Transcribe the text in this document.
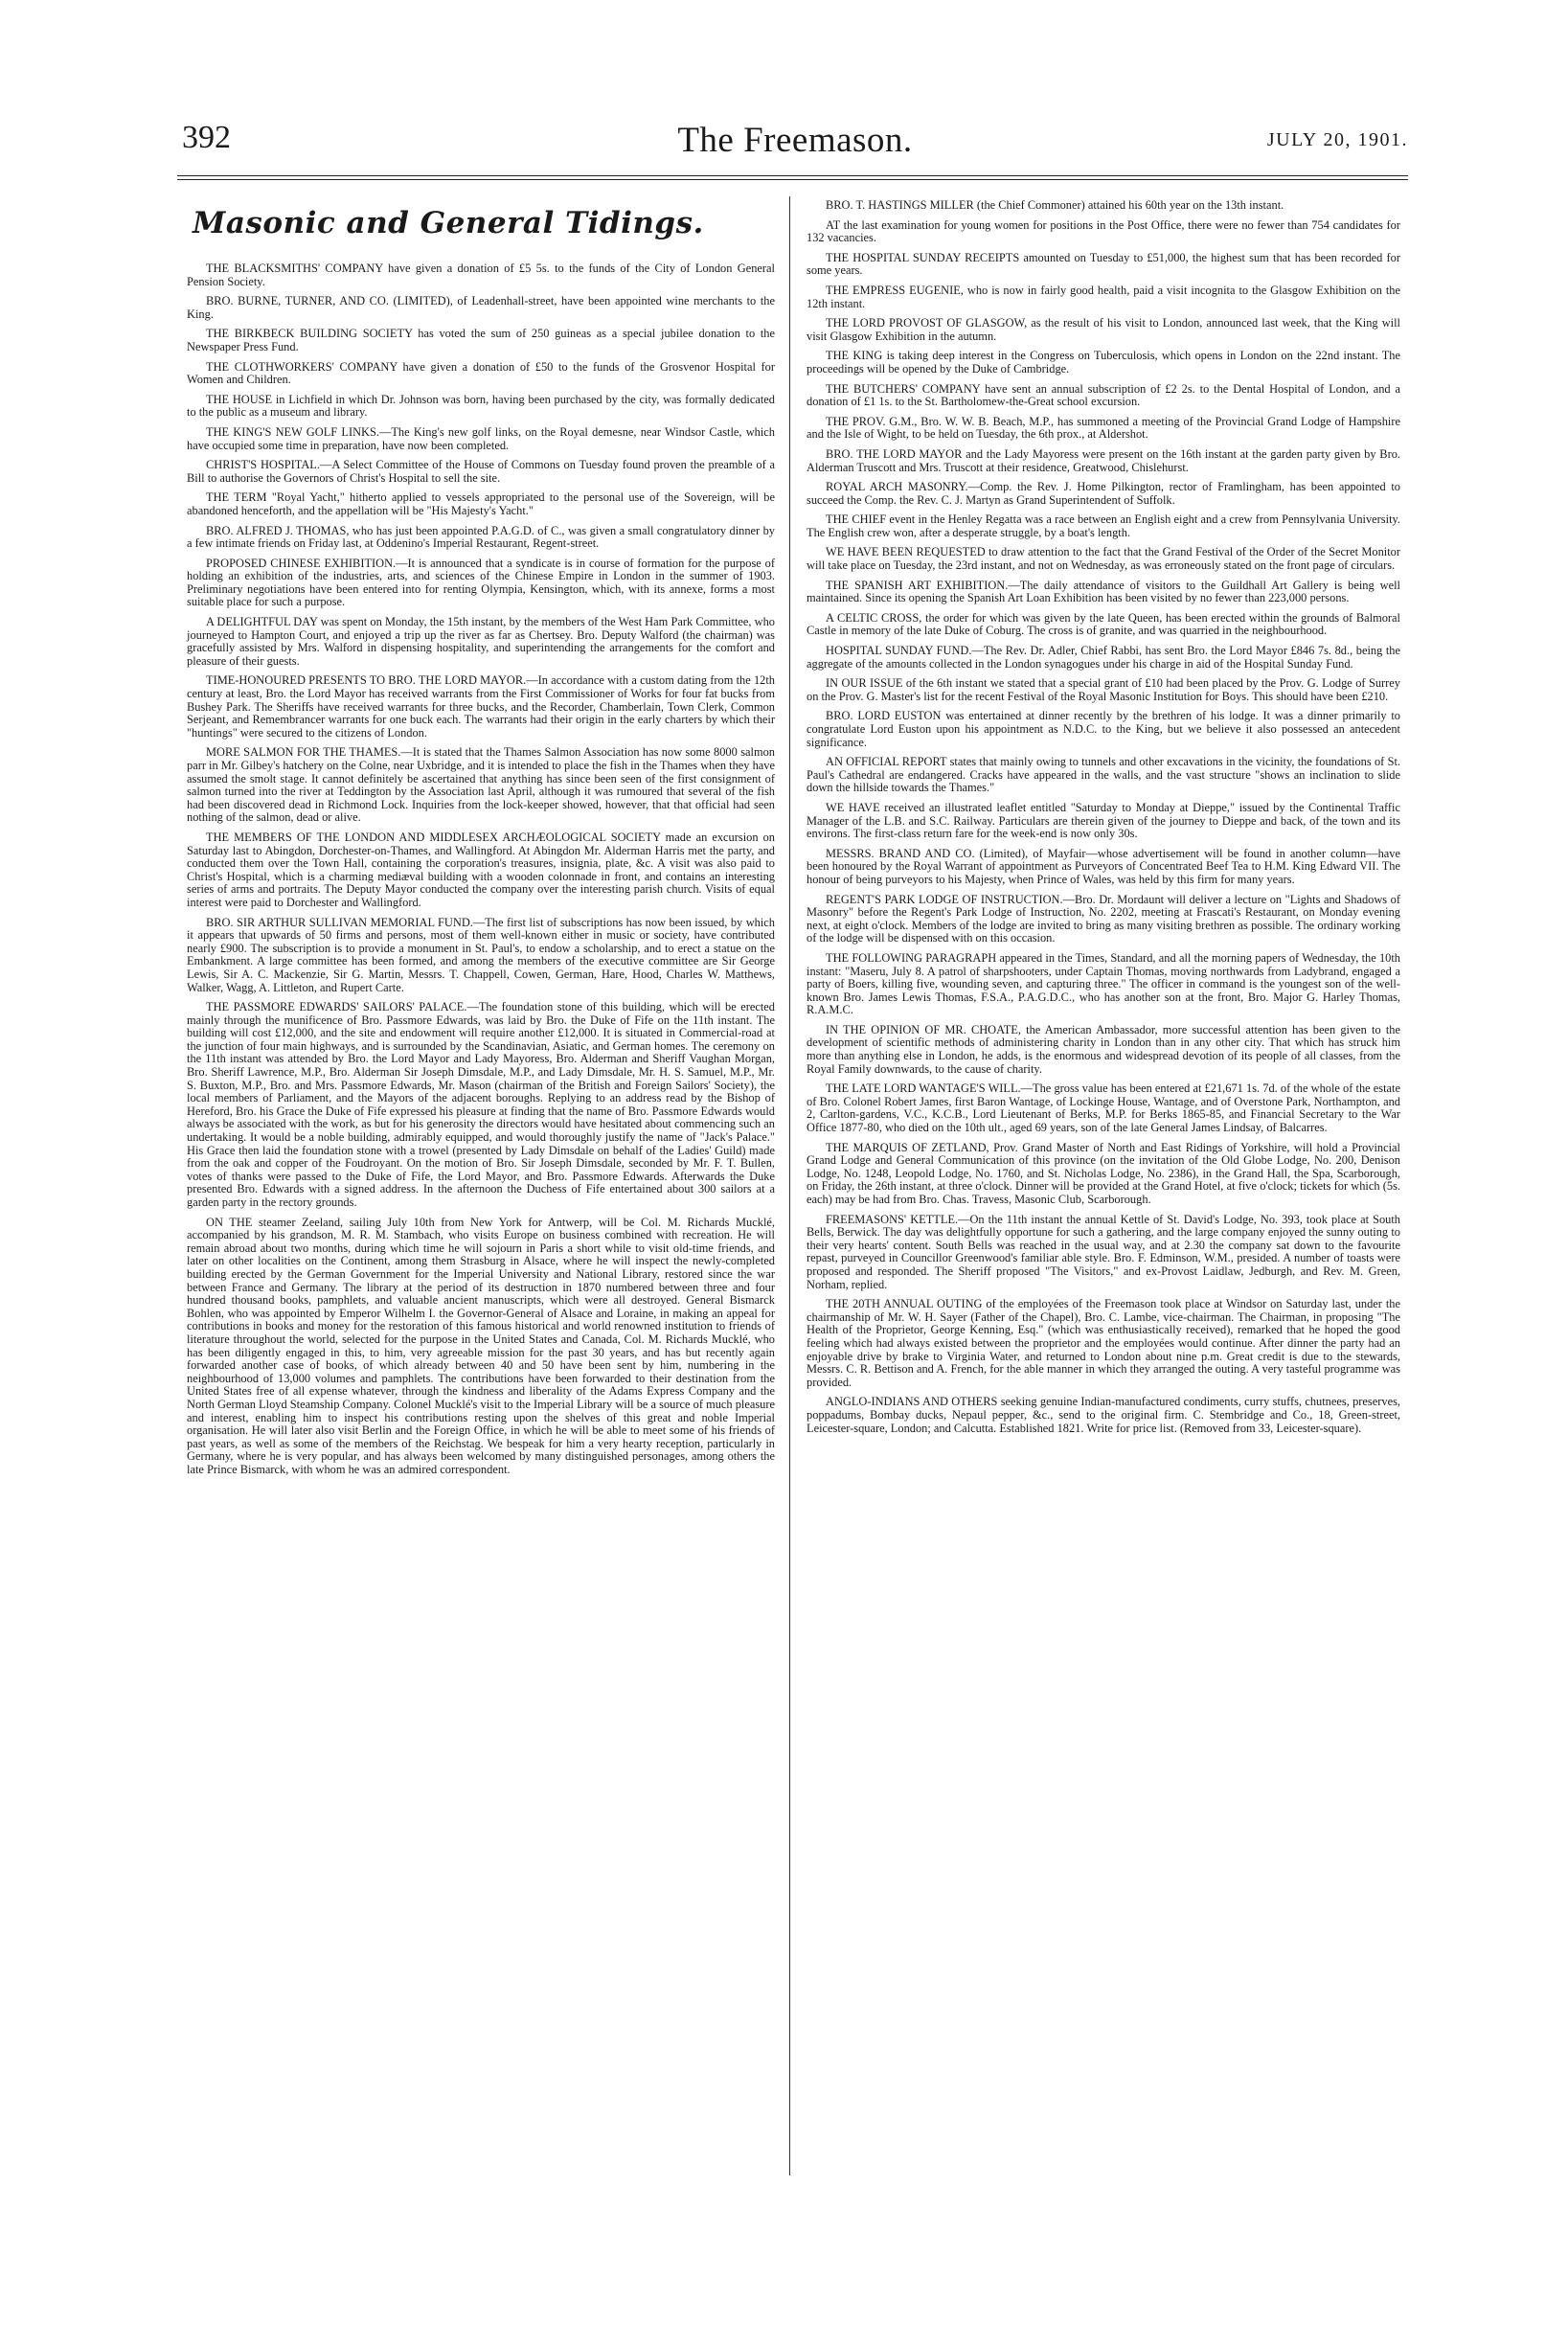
392	The Freemason.	JULY 20, 1901.
Masonic and General Tidings.

THE BLACKSMITHS' COMPANY have given a donation of £5 5s. to the funds of the City of London General Pension Society.

BRO. BURNE, TURNER, AND CO. (LIMITED), of Leadenhall-street, have been appointed wine merchants to the King.

THE BIRKBECK BUILDING SOCIETY has voted the sum of 250 guineas as a special jubilee donation to the Newspaper Press Fund.

THE CLOTHWORKERS' COMPANY have given a donation of £50 to the funds of the Grosvenor Hospital for Women and Children.

THE HOUSE in Lichfield in which Dr. Johnson was born, having been purchased by the city, was formally dedicated to the public as a museum and library.

THE KING'S NEW GOLF LINKS.—The King's new golf links, on the Royal demesne, near Windsor Castle, which have occupied some time in preparation, have now been completed.

CHRIST'S HOSPITAL.—A Select Committee of the House of Commons on Tuesday found proven the preamble of a Bill to authorise the Governors of Christ's Hospital to sell the site.

THE TERM "Royal Yacht," hitherto applied to vessels appropriated to the personal use of the Sovereign, will be abandoned henceforth, and the appellation will be "His Majesty's Yacht."

BRO. ALFRED J. THOMAS, who has just been appointed P.A.G.D. of C., was given a small congratulatory dinner by a few intimate friends on Friday last, at Oddenino's Imperial Restaurant, Regent-street.

PROPOSED CHINESE EXHIBITION.—It is announced that a syndicate is in course of formation for the purpose of holding an exhibition of the industries, arts, and sciences of the Chinese Empire in London in the summer of 1903. Preliminary negotiations have been entered into for renting Olympia, Kensington, which, with its annexe, forms a most suitable place for such a purpose.

A DELIGHTFUL DAY was spent on Monday, the 15th instant, by the members of the West Ham Park Committee, who journeyed to Hampton Court, and enjoyed a trip up the river as far as Chertsey. Bro. Deputy Walford (the chairman) was gracefully assisted by Mrs. Walford in dispensing hospitality, and superintending the arrangements for the comfort and pleasure of their guests.

TIME-HONOURED PRESENTS TO BRO. THE LORD MAYOR.—In accordance with a custom dating from the 12th century at least, Bro. the Lord Mayor has received warrants from the First Commissioner of Works for four fat bucks from Bushey Park. The Sheriffs have received warrants for three bucks, and the Recorder, Chamberlain, Town Clerk, Common Serjeant, and Remembrancer warrants for one buck each. The warrants had their origin in the early charters by which their "huntings" were secured to the citizens of London.

MORE SALMON FOR THE THAMES.—It is stated that the Thames Salmon Association has now some 8000 salmon parr in Mr. Gilbey's hatchery on the Colne, near Uxbridge, and it is intended to place the fish in the Thames when they have assumed the smolt stage. It cannot definitely be ascertained that anything has since been seen of the first consignment of salmon turned into the river at Teddington by the Association last April, although it was rumoured that several of the fish had been discovered dead in Richmond Lock. Inquiries from the lock-keeper showed, however, that that official had seen nothing of the salmon, dead or alive.

THE MEMBERS OF THE LONDON AND MIDDLESEX ARCHÆOLOGICAL SOCIETY made an excursion on Saturday last to Abingdon, Dorchester-on-Thames, and Wallingford. At Abingdon Mr. Alderman Harris met the party, and conducted them over the Town Hall, containing the corporation's treasures, insignia, plate, &c. A visit was also paid to Christ's Hospital, which is a charming mediæval building with a wooden colonnade in front, and contains an interesting series of arms and portraits. The Deputy Mayor conducted the company over the interesting parish church. Visits of equal interest were paid to Dorchester and Wallingford.

BRO. SIR ARTHUR SULLIVAN MEMORIAL FUND.—The first list of subscriptions has now been issued, by which it appears that upwards of 50 firms and persons, most of them well-known either in music or society, have contributed nearly £900. The subscription is to provide a monument in St. Paul's, to endow a scholarship, and to erect a statue on the Embankment. A large committee has been formed, and among the members of the executive committee are Sir George Lewis, Sir A. C. Mackenzie, Sir G. Martin, Messrs. T. Chappell, Cowen, German, Hare, Hood, Charles W. Matthews, Walker, Wagg, A. Littleton, and Rupert Carte.

THE PASSMORE EDWARDS' SAILORS' PALACE.—The foundation stone of this building, which will be erected mainly through the munificence of Bro. Passmore Edwards, was laid by Bro. the Duke of Fife on the 11th instant. The building will cost £12,000, and the site and endowment will require another £12,000. It is situated in Commercial-road at the junction of four main highways, and is surrounded by the Scandinavian, Asiatic, and German homes. The ceremony on the 11th instant was attended by Bro. the Lord Mayor and Lady Mayoress, Bro. Alderman and Sheriff Vaughan Morgan, Bro. Sheriff Lawrence, M.P., Bro. Alderman Sir Joseph Dimsdale, M.P., and Lady Dimsdale, Mr. H. S. Samuel, M.P., Mr. S. Buxton, M.P., Bro. and Mrs. Passmore Edwards, Mr. Mason (chairman of the British and Foreign Sailors' Society), the local members of Parliament, and the Mayors of the adjacent boroughs. Replying to an address read by the Bishop of Hereford, Bro. his Grace the Duke of Fife expressed his pleasure at finding that the name of Bro. Passmore Edwards would always be associated with the work, as but for his generosity the directors would have hesitated about commencing such an undertaking. It would be a noble building, admirably equipped, and would thoroughly justify the name of "Jack's Palace." His Grace then laid the foundation stone with a trowel (presented by Lady Dimsdale on behalf of the Ladies' Guild) made from the oak and copper of the Foudroyant. On the motion of Bro. Sir Joseph Dimsdale, seconded by Mr. F. T. Bullen, votes of thanks were passed to the Duke of Fife, the Lord Mayor, and Bro. Passmore Edwards. Afterwards the Duke presented Bro. Edwards with a signed address. In the afternoon the Duchess of Fife entertained about 300 sailors at a garden party in the rectory grounds.

ON THE steamer Zeeland, sailing July 10th from New York for Antwerp, will be Col. M. Richards Mucklé, accompanied by his grandson, M. R. M. Stambach, who visits Europe on business combined with recreation. He will remain abroad about two months, during which time he will sojourn in Paris a short while to visit old-time friends, and later on other localities on the Continent, among them Strasburg in Alsace, where he will inspect the newly-completed building erected by the German Government for the Imperial University and National Library, restored since the war between France and Germany. The library at the period of its destruction in 1870 numbered between three and four hundred thousand books, pamphlets, and valuable ancient manuscripts, which were all destroyed. General Bismarck Bohlen, who was appointed by Emperor Wilhelm I. the Governor-General of Alsace and Loraine, in making an appeal for contributions in books and money for the restoration of this famous historical and world renowned institution to friends of literature throughout the world, selected for the purpose in the United States and Canada, Col. M. Richards Mucklé, who has been diligently engaged in this, to him, very agreeable mission for the past 30 years, and has but recently again forwarded another case of books, of which already between 40 and 50 have been sent by him, numbering in the neighbourhood of 13,000 volumes and pamphlets. The contributions have been forwarded to their destination from the United States free of all expense whatever, through the kindness and liberality of the Adams Express Company and the North German Lloyd Steamship Company. Colonel Mucklé's visit to the Imperial Library will be a source of much pleasure and interest, enabling him to inspect his contributions resting upon the shelves of this great and noble Imperial organisation. He will later also visit Berlin and the Foreign Office, in which he will be able to meet some of his friends of past years, as well as some of the members of the Reichstag. We bespeak for him a very hearty reception, particularly in Germany, where he is very popular, and has always been welcomed by many distinguished personages, among others the late Prince Bismarck, with whom he was an admired correspondent.

BRO. T. HASTINGS MILLER (the Chief Commoner) attained his 60th year on the 13th instant.

AT the last examination for young women for positions in the Post Office, there were no fewer than 754 candidates for 132 vacancies.

THE HOSPITAL SUNDAY RECEIPTS amounted on Tuesday to £51,000, the highest sum that has been recorded for some years.

THE EMPRESS EUGENIE, who is now in fairly good health, paid a visit incognita to the Glasgow Exhibition on the 12th instant.

THE LORD PROVOST OF GLASGOW, as the result of his visit to London, announced last week, that the King will visit Glasgow Exhibition in the autumn.

THE KING is taking deep interest in the Congress on Tuberculosis, which opens in London on the 22nd instant. The proceedings will be opened by the Duke of Cambridge.

THE BUTCHERS' COMPANY have sent an annual subscription of £2 2s. to the Dental Hospital of London, and a donation of £1 1s. to the St. Bartholomew-the-Great school excursion.

THE PROV. G.M., Bro. W. W. B. Beach, M.P., has summoned a meeting of the Provincial Grand Lodge of Hampshire and the Isle of Wight, to be held on Tuesday, the 6th prox., at Aldershot.

BRO. THE LORD MAYOR and the Lady Mayoress were present on the 16th instant at the garden party given by Bro. Alderman Truscott and Mrs. Truscott at their residence, Greatwood, Chislehurst.

ROYAL ARCH MASONRY.—Comp. the Rev. J. Home Pilkington, rector of Framlingham, has been appointed to succeed the Comp. the Rev. C. J. Martyn as Grand Superintendent of Suffolk.

THE CHIEF event in the Henley Regatta was a race between an English eight and a crew from Pennsylvania University. The English crew won, after a desperate struggle, by a boat's length.

WE HAVE BEEN REQUESTED to draw attention to the fact that the Grand Festival of the Order of the Secret Monitor will take place on Tuesday, the 23rd instant, and not on Wednesday, as was erroneously stated on the front page of circulars.

THE SPANISH ART EXHIBITION.—The daily attendance of visitors to the Guildhall Art Gallery is being well maintained. Since its opening the Spanish Art Loan Exhibition has been visited by no fewer than 223,000 persons.

A CELTIC CROSS, the order for which was given by the late Queen, has been erected within the grounds of Balmoral Castle in memory of the late Duke of Coburg. The cross is of granite, and was quarried in the neighbourhood.

HOSPITAL SUNDAY FUND.—The Rev. Dr. Adler, Chief Rabbi, has sent Bro. the Lord Mayor £846 7s. 8d., being the aggregate of the amounts collected in the London synagogues under his charge in aid of the Hospital Sunday Fund.

IN OUR ISSUE of the 6th instant we stated that a special grant of £10 had been placed by the Prov. G. Lodge of Surrey on the Prov. G. Master's list for the recent Festival of the Royal Masonic Institution for Boys. This should have been £210.

BRO. LORD EUSTON was entertained at dinner recently by the brethren of his lodge. It was a dinner primarily to congratulate Lord Euston upon his appointment as N.D.C. to the King, but we believe it also possessed an antecedent significance.

AN OFFICIAL REPORT states that mainly owing to tunnels and other excavations in the vicinity, the foundations of St. Paul's Cathedral are endangered. Cracks have appeared in the walls, and the vast structure "shows an inclination to slide down the hillside towards the Thames."

WE HAVE received an illustrated leaflet entitled "Saturday to Monday at Dieppe," issued by the Continental Traffic Manager of the L.B. and S.C. Railway. Particulars are therein given of the journey to Dieppe and back, of the town and its environs. The first-class return fare for the week-end is now only 30s.

MESSRS. BRAND AND CO. (Limited), of Mayfair—whose advertisement will be found in another column—have been honoured by the Royal Warrant of appointment as Purveyors of Concentrated Beef Tea to H.M. King Edward VII. The honour of being purveyors to his Majesty, when Prince of Wales, was held by this firm for many years.

REGENT'S PARK LODGE OF INSTRUCTION.—Bro. Dr. Mordaunt will deliver a lecture on "Lights and Shadows of Masonry" before the Regent's Park Lodge of Instruction, No. 2202, meeting at Frascati's Restaurant, on Monday evening next, at eight o'clock. Members of the lodge are invited to bring as many visiting brethren as possible. The ordinary working of the lodge will be dispensed with on this occasion.

THE FOLLOWING PARAGRAPH appeared in the Times, Standard, and all the morning papers of Wednesday, the 10th instant: "Maseru, July 8. A patrol of sharpshooters, under Captain Thomas, moving northwards from Ladybrand, engaged a party of Boers, killing five, wounding seven, and capturing three." The officer in command is the youngest son of the well-known Bro. James Lewis Thomas, F.S.A., P.A.G.D.C., who has another son at the front, Bro. Major G. Harley Thomas, R.A.M.C.

IN THE OPINION OF MR. CHOATE, the American Ambassador, more successful attention has been given to the development of scientific methods of administering charity in London than in any other city. That which has struck him more than anything else in London, he adds, is the enormous and widespread devotion of its people of all classes, from the Royal Family downwards, to the cause of charity.

THE LATE LORD WANTAGE'S WILL.—The gross value has been entered at £21,671 1s. 7d. of the whole of the estate of Bro. Colonel Robert James, first Baron Wantage, of Lockinge House, Wantage, and of Overstone Park, Northampton, and 2, Carlton-gardens, V.C., K.C.B., Lord Lieutenant of Berks, M.P. for Berks 1865-85, and Financial Secretary to the War Office 1877-80, who died on the 10th ult., aged 69 years, son of the late General James Lindsay, of Balcarres.

THE MARQUIS OF ZETLAND, Prov. Grand Master of North and East Ridings of Yorkshire, will hold a Provincial Grand Lodge and General Communication of this province (on the invitation of the Old Globe Lodge, No. 200, Denison Lodge, No. 1248, Leopold Lodge, No. 1760, and St. Nicholas Lodge, No. 2386), in the Grand Hall, the Spa, Scarborough, on Friday, the 26th instant, at three o'clock. Dinner will be provided at the Grand Hotel, at five o'clock; tickets for which (5s. each) may be had from Bro. Chas. Travess, Masonic Club, Scarborough.

FREEMASONS' KETTLE.—On the 11th instant the annual Kettle of St. David's Lodge, No. 393, took place at South Bells, Berwick. The day was delightfully opportune for such a gathering, and the large company enjoyed the sunny outing to their very hearts' content. South Bells was reached in the usual way, and at 2.30 the company sat down to the favourite repast, purveyed in Councillor Greenwood's familiar able style. Bro. F. Edminson, W.M., presided. A number of toasts were proposed and responded. The Sheriff proposed "The Visitors," and ex-Provost Laidlaw, Jedburgh, and Rev. M. Green, Norham, replied.

THE 20TH ANNUAL OUTING of the employées of the Freemason took place at Windsor on Saturday last, under the chairmanship of Mr. W. H. Sayer (Father of the Chapel), Bro. C. Lambe, vice-chairman. The Chairman, in proposing "The Health of the Proprietor, George Kenning, Esq." (which was enthusiastically received), remarked that he hoped the good feeling which had always existed between the proprietor and the employées would continue. After dinner the party had an enjoyable drive by brake to Virginia Water, and returned to London about nine p.m. Great credit is due to the stewards, Messrs. C. R. Bettison and A. French, for the able manner in which they arranged the outing. A very tasteful programme was provided.

ANGLO-INDIANS AND OTHERS seeking genuine Indian-manufactured condiments, curry stuffs, chutnees, preserves, poppadums, Bombay ducks, Nepaul pepper, &c., send to the original firm. C. Stembridge and Co., 18, Green-street, Leicester-square, London; and Calcutta. Established 1821. Write for price list. (Removed from 33, Leicester-square).
